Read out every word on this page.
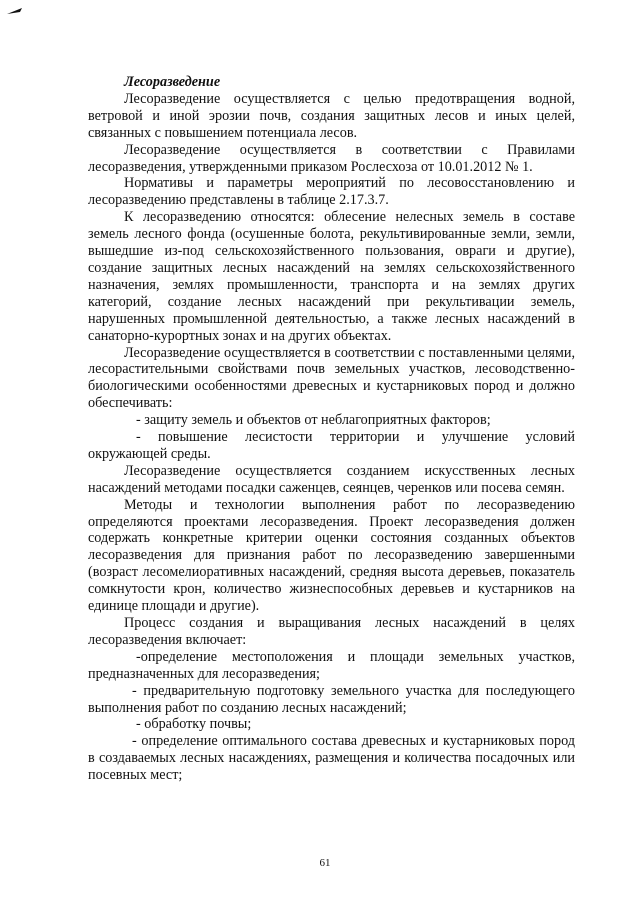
Лесоразведение

Лесоразведение осуществляется с целью предотвращения водной, ветровой и иной эрозии почв, создания защитных лесов и иных целей, связанных с повышением потенциала лесов.

Лесоразведение осуществляется в соответствии с Правилами лесоразведения, утвержденными приказом Рослесхоза от 10.01.2012 № 1.

Нормативы и параметры мероприятий по лесовосстановлению и лесоразведению представлены в таблице 2.17.3.7.

К лесоразведению относятся: облесение нелесных земель в составе земель лесного фонда (осушенные болота, рекультивированные земли, земли, вышедшие из-под сельскохозяйственного пользования, овраги и другие), создание защитных лесных насаждений на землях сельскохозяйственного назначения, землях промышленности, транспорта и на землях других категорий, создание лесных насаждений при рекультивации земель, нарушенных промышленной деятельностью, а также лесных насаждений в санаторно-курортных зонах и на других объектах.

Лесоразведение осуществляется в соответствии с поставленными целями, лесорастительными свойствами почв земельных участков, лесоводственно-биологическими особенностями древесных и кустарниковых пород и должно обеспечивать:

- защиту земель и объектов от неблагоприятных факторов;

- повышение лесистости территории и улучшение условий окружающей среды.

Лесоразведение осуществляется созданием искусственных лесных насаждений методами посадки саженцев, сеянцев, черенков или посева семян.

Методы и технологии выполнения работ по лесоразведению определяются проектами лесоразведения. Проект лесоразведения должен содержать конкретные критерии оценки состояния созданных объектов лесоразведения для признания работ по лесоразведению завершенными (возраст лесомелиоративных насаждений, средняя высота деревьев, показатель сомкнутости крон, количество жизнеспособных деревьев и кустарников на единице площади и другие).

Процесс создания и выращивания лесных насаждений в целях лесоразведения включает:

-определение местоположения и площади земельных участков, предназначенных для лесоразведения;

- предварительную подготовку земельного участка для последующего выполнения работ по созданию лесных насаждений;

- обработку почвы;

- определение оптимального состава древесных и кустарниковых пород в создаваемых лесных насаждениях, размещения и количества посадочных или посевных мест;

61
